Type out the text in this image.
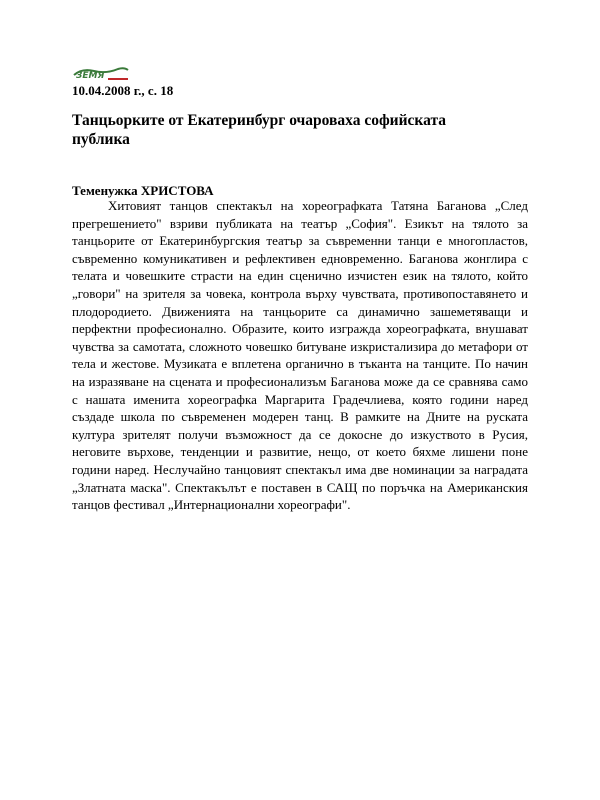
ЗЕМЯ
10.04.2008 г., с. 18
Танцьорките от Екатеринбург очароваха софийската публика
Теменужка ХРИСТОВА

Хитовият танцов спектакъл на хореографката Татяна Баганова „След прегрешението" взриви публиката на театър „София". Езикът на тялото за танцьорите от Екатеринбургския театър за съвременни танци е многопластов, съвременно комуникативен и рефлективен едновременно. Баганова жонглира с телата и човешките страсти на един сценично изчистен език на тялото, който „говори" на зрителя за човека, контрола върху чувствата, противопоставянето и плодородието. Движенията на танцьорите са динамично зашеметяващи и перфектни професионално. Образите, които изгражда хореографката, внушават чувства за самотата, сложното човешко битуване изкристализира до метафори от тела и жестове. Музиката е вплетена органично в тъканта на танците. По начин на изразяване на сцената и професионализъм Баганова може да се сравнява само с нашата именита хореографка Маргарита Градечлиева, която години наред създаде школа по съвременен модерен танц. В рамките на Дните на руската култура зрителят получи възможност да се докосне до изкуството в Русия, неговите върхове, тенденции и развитие, нещо, от което бяхме лишени поне години наред. Неслучайно танцовият спектакъл има две номинации за наградата „Златната маска". Спектакълът е поставен в САЩ по поръчка на Американския танцов фестивал „Интернационални хореографи".
